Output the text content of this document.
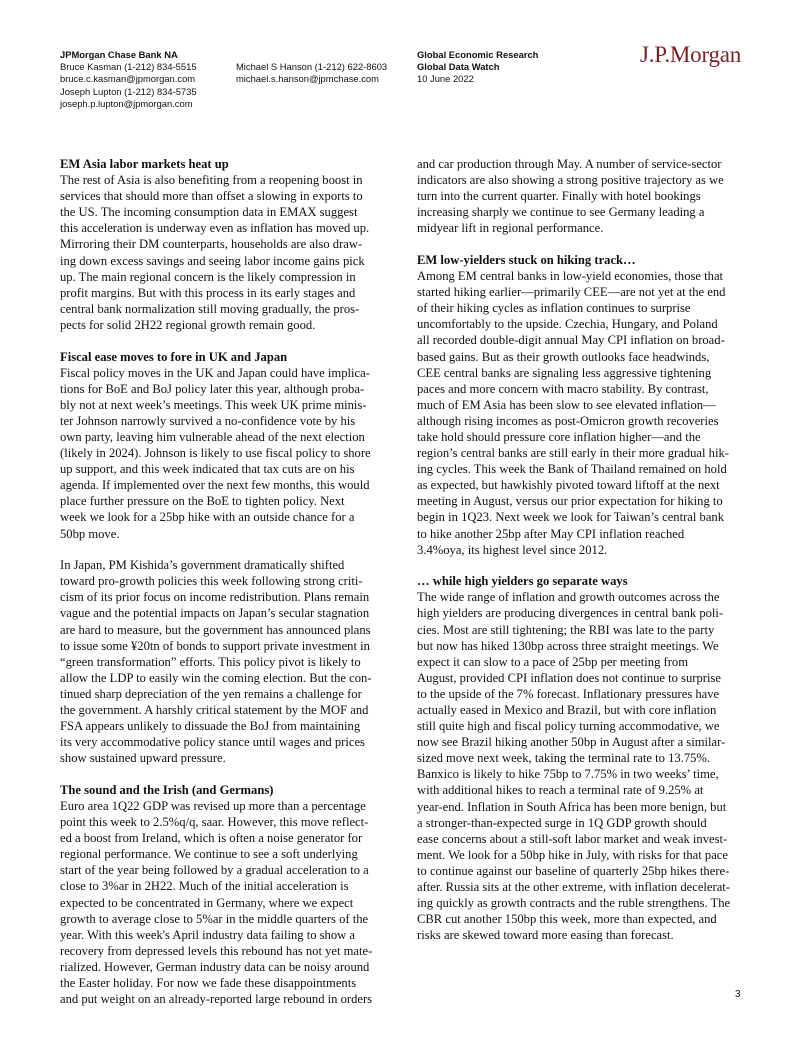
JPMorgan Chase Bank NA
Bruce Kasman (1-212) 834-5515
bruce.c.kasman@jpmorgan.com
Joseph Lupton (1-212) 834-5735
joseph.p.lupton@jpmorgan.com
Michael S Hanson (1-212) 622-8603
michael.s.hanson@jpmchase.com
Global Economic Research
Global Data Watch
10 June 2022
J.P.Morgan
EM Asia labor markets heat up

The rest of Asia is also benefiting from a reopening boost in
services that should more than offset a slowing in exports to
the US. The incoming consumption data in EMAX suggest
this acceleration is underway even as inflation has moved up.
Mirroring their DM counterparts, households are also draw-
ing down excess savings and seeing labor income gains pick
up. The main regional concern is the likely compression in
profit margins. But with this process in its early stages and
central bank normalization still moving gradually, the pros-
pects for solid 2H22 regional growth remain good.

Fiscal ease moves to fore in UK and Japan

Fiscal policy moves in the UK and Japan could have implica-
tions for BoE and BoJ policy later this year, although proba-
bly not at next week’s meetings. This week UK prime minis-
ter Johnson narrowly survived a no-confidence vote by his
own party, leaving him vulnerable ahead of the next election
(likely in 2024). Johnson is likely to use fiscal policy to shore
up support, and this week indicated that tax cuts are on his
agenda. If implemented over the next few months, this would
place further pressure on the BoE to tighten policy. Next
week we look for a 25bp hike with an outside chance for a
50bp move.

In Japan, PM Kishida’s government dramatically shifted
toward pro-growth policies this week following strong criti-
cism of its prior focus on income redistribution. Plans remain
vague and the potential impacts on Japan’s secular stagnation
are hard to measure, but the government has announced plans
to issue some ¥20tn of bonds to support private investment in
“green transformation” efforts. This policy pivot is likely to
allow the LDP to easily win the coming election. But the con-
tinued sharp depreciation of the yen remains a challenge for
the government. A harshly critical statement by the MOF and
FSA appears unlikely to dissuade the BoJ from maintaining
its very accommodative policy stance until wages and prices
show sustained upward pressure.

The sound and the Irish (and Germans)

Euro area 1Q22 GDP was revised up more than a percentage
point this week to 2.5%q/q, saar. However, this move reflect-
ed a boost from Ireland, which is often a noise generator for
regional performance. We continue to see a soft underlying
start of the year being followed by a gradual acceleration to a
close to 3%ar in 2H22. Much of the initial acceleration is
expected to be concentrated in Germany, where we expect
growth to average close to 5%ar in the middle quarters of the
year. With this week's April industry data failing to show a
recovery from depressed levels this rebound has not yet mate-
rialized. However, German industry data can be noisy around
the Easter holiday. For now we fade these disappointments
and put weight on an already-reported large rebound in orders

and car production through May. A number of service-sector
indicators are also showing a strong positive trajectory as we
turn into the current quarter. Finally with hotel bookings
increasing sharply we continue to see Germany leading a
midyear lift in regional performance.

EM low-yielders stuck on hiking track…

Among EM central banks in low-yield economies, those that
started hiking earlier—primarily CEE—are not yet at the end
of their hiking cycles as inflation continues to surprise
uncomfortably to the upside. Czechia, Hungary, and Poland
all recorded double-digit annual May CPI inflation on broad-
based gains. But as their growth outlooks face headwinds,
CEE central banks are signaling less aggressive tightening
paces and more concern with macro stability. By contrast,
much of EM Asia has been slow to see elevated inflation—
although rising incomes as post-Omicron growth recoveries
take hold should pressure core inflation higher—and the
region’s central banks are still early in their more gradual hik-
ing cycles. This week the Bank of Thailand remained on hold
as expected, but hawkishly pivoted toward liftoff at the next
meeting in August, versus our prior expectation for hiking to
begin in 1Q23. Next week we look for Taiwan’s central bank
to hike another 25bp after May CPI inflation reached
3.4%oya, its highest level since 2012.

… while high yielders go separate ways

The wide range of inflation and growth outcomes across the
high yielders are producing divergences in central bank poli-
cies. Most are still tightening; the RBI was late to the party
but now has hiked 130bp across three straight meetings. We
expect it can slow to a pace of 25bp per meeting from
August, provided CPI inflation does not continue to surprise
to the upside of the 7% forecast. Inflationary pressures have
actually eased in Mexico and Brazil, but with core inflation
still quite high and fiscal policy turning accommodative, we
now see Brazil hiking another 50bp in August after a similar-
sized move next week, taking the terminal rate to 13.75%.
Banxico is likely to hike 75bp to 7.75% in two weeks’ time,
with additional hikes to reach a terminal rate of 9.25% at
year-end. Inflation in South Africa has been more benign, but
a stronger-than-expected surge in 1Q GDP growth should
ease concerns about a still-soft labor market and weak invest-
ment. We look for a 50bp hike in July, with risks for that pace
to continue against our baseline of quarterly 25bp hikes there-
after. Russia sits at the other extreme, with inflation decelerat-
ing quickly as growth contracts and the ruble strengthens. The
CBR cut another 150bp this week, more than expected, and
risks are skewed toward more easing than forecast.

3
